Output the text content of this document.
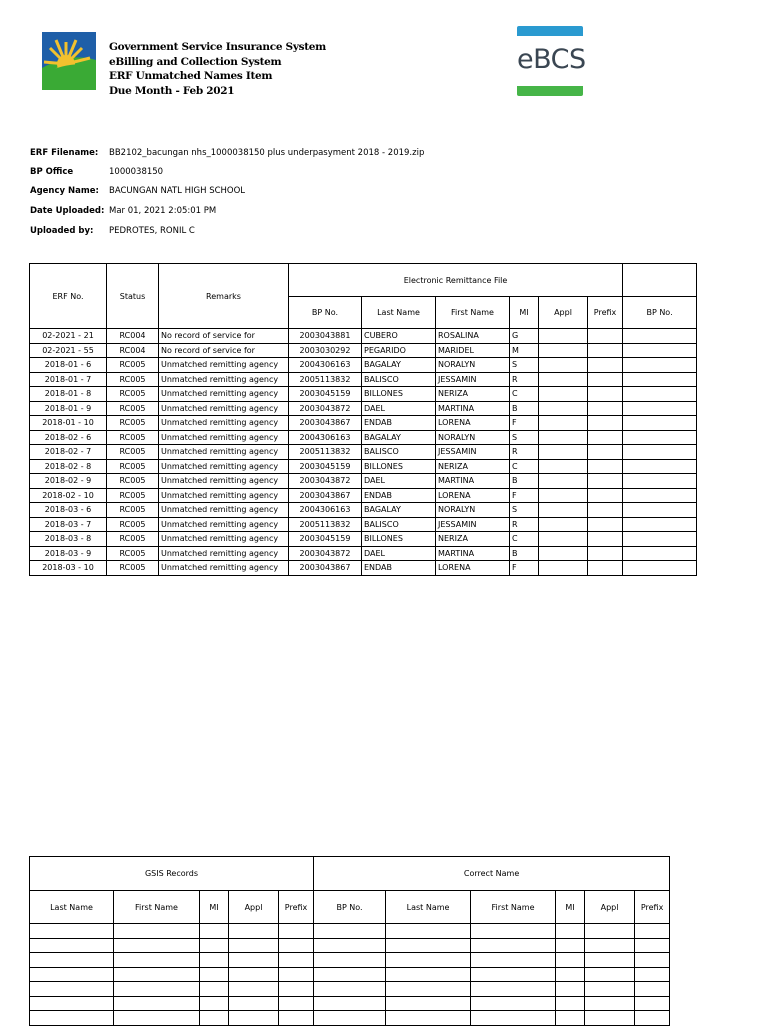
Government Service Insurance System
eBilling and Collection System
ERF Unmatched Names Item
Due Month - Feb 2021
eBCS
ERF Filename:	BB2102_bacungan nhs_1000038150 plus underpasyment 2018 - 2019.zip
BP Office	1000038150
Agency Name:	BACUNGAN NATL HIGH SCHOOL
Date Uploaded: Mar 01, 2021 2:05:01 PM
Uploaded by:	PEDROTES, RONIL C
ERF No.	Status	Remarks	Electronic Remittance File						
			BP No.	Last Name	First Name	MI	Appl	Prefix	BP No.
02-2021 - 21	RC004	No record of service for	2003043881	CUBERO	ROSALINA	G			
02-2021 - 55	RC004	No record of service for	2003030292	PEGARIDO	MARIDEL	M			
2018-01 - 6	RC005	Unmatched remitting agency	2004306163	BAGALAY	NORALYN	S			
2018-01 - 7	RC005	Unmatched remitting agency	2005113832	BALISCO	JESSAMIN	R			
2018-01 - 8	RC005	Unmatched remitting agency	2003045159	BILLONES	NERIZA	C			
2018-01 - 9	RC005	Unmatched remitting agency	2003043872	DAEL	MARTINA	B			
2018-01 - 10	RC005	Unmatched remitting agency	2003043867	ENDAB	LORENA	F			
2018-02 - 6	RC005	Unmatched remitting agency	2004306163	BAGALAY	NORALYN	S			
2018-02 - 7	RC005	Unmatched remitting agency	2005113832	BALISCO	JESSAMIN	R			
2018-02 - 8	RC005	Unmatched remitting agency	2003045159	BILLONES	NERIZA	C			
2018-02 - 9	RC005	Unmatched remitting agency	2003043872	DAEL	MARTINA	B			
2018-02 - 10	RC005	Unmatched remitting agency	2003043867	ENDAB	LORENA	F			
2018-03 - 6	RC005	Unmatched remitting agency	2004306163	BAGALAY	NORALYN	S			
2018-03 - 7	RC005	Unmatched remitting agency	2005113832	BALISCO	JESSAMIN	R			
2018-03 - 8	RC005	Unmatched remitting agency	2003045159	BILLONES	NERIZA	C			
2018-03 - 9	RC005	Unmatched remitting agency	2003043872	DAEL	MARTINA	B			
2018-03 - 10	RC005	Unmatched remitting agency	2003043867	ENDAB	LORENA	F			
GSIS Records					Correct Name					
Last Name	First Name	MI	Appl	Prefix	BP No.	Last Name	First Name	MI	Appl	Prefix
